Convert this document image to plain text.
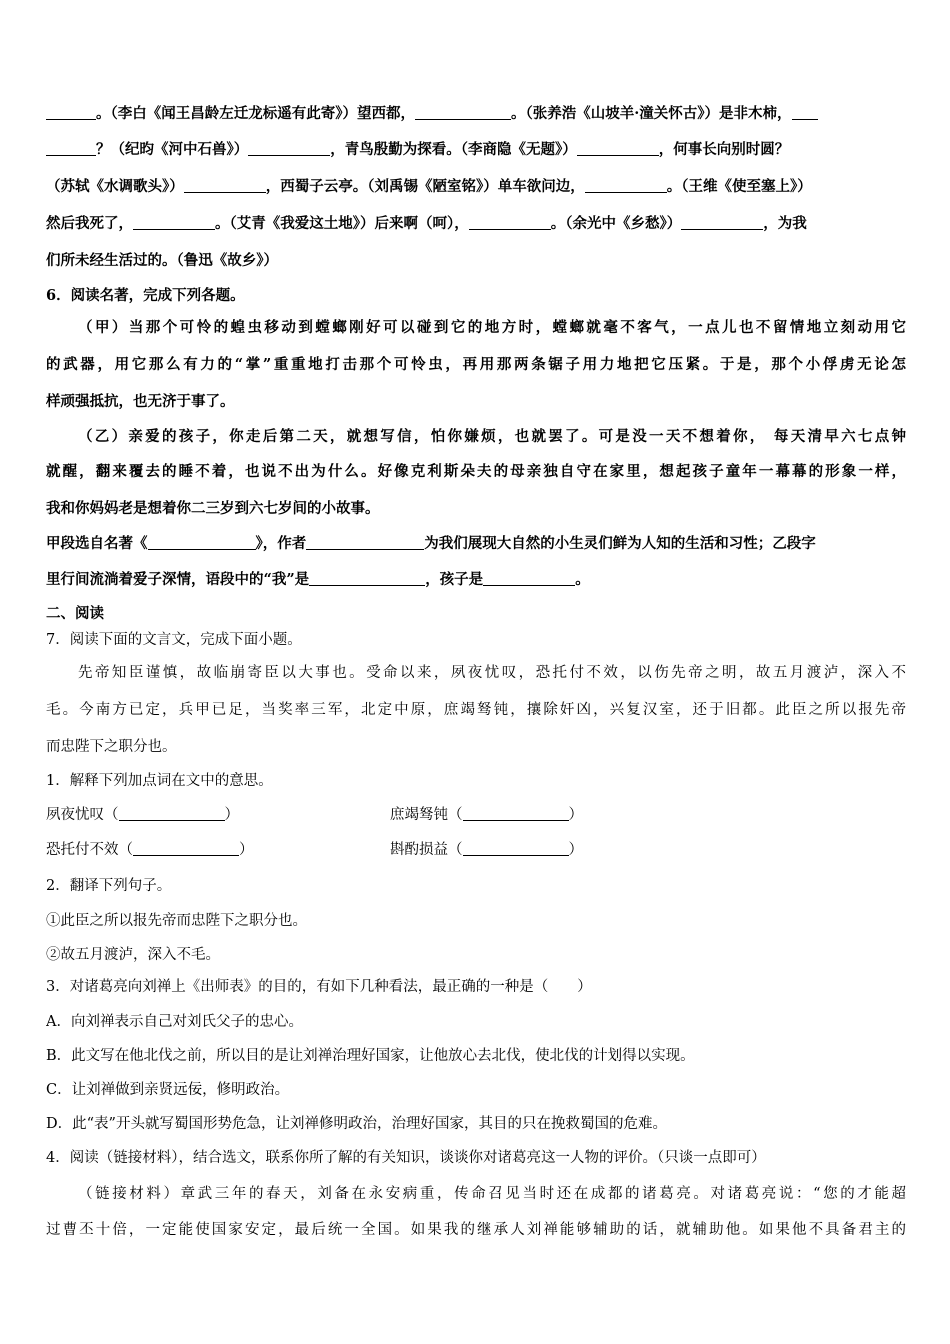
。（李白《闻王昌龄左迁龙标遥有此寄》）望西都，	。（张养浩《山坡羊·潼关怀古》）是非木柿，
？（纪昀《河中石兽》）	，青鸟殷勤为探看。（李商隐《无题》）	，何事长向别时圆？
（苏轼《水调歌头》）	，西蜀子云亭。（刘禹锡《陋室铭》）单车欲问边，	。（王维《使至塞上》）
然后我死了，	。（艾青《我爱这土地》）后来啊（呵），	。（余光中《乡愁》）	，为我
们所未经生活过的。（鲁迅《故乡》）
6．阅读名著，完成下列各题。
（甲）当那个可怜的蝗虫移动到螳螂刚好可以碰到它的地方时，螳螂就毫不客气，一点儿也不留情地立刻动用它
的武器，用它那么有力的“掌”重重地打击那个可怜虫，再用那两条锯子用力地把它压紧。于是，那个小俘虏无论怎
样顽强抵抗，也无济于事了。
（乙）亲爱的孩子，你走后第二天，就想写信，怕你嫌烦，也就罢了。可是没一天不想着你， 每天清早六七点钟
就醒，翻来覆去的睡不着，也说不出为什么。好像克利斯朵夫的母亲独自守在家里，想起孩子童年一幕幕的形象一样，
我和你妈妈老是想着你二三岁到六七岁间的小故事。
甲段选自名著《	》，作者	为我们展现大自然的小生灵们鲜为人知的生活和习性；乙段字
里行间流淌着爱子深情，语段中的“我”是	，孩子是	。
二、阅读
7．阅读下面的文言文，完成下面小题。
先帝知臣谨慎，故临崩寄臣以大事也。受命以来，夙夜忧叹，恐托付不效，以伤先帝之明，故五月渡泸，深入不
毛。今南方已定，兵甲已足，当奖率三军，北定中原，庶竭驽钝，攘除奸凶，兴复汉室，还于旧都。此臣之所以报先帝
而忠陛下之职分也。
1．解释下列加点词在文中的意思。
夙夜忧叹（	）	庶竭驽钝（	）
恐托付不效（	）	斟酌损益（	）
2．翻译下列句子。
①此臣之所以报先帝而忠陛下之职分也。
②故五月渡泸，深入不毛。
3．对诸葛亮向刘禅上《出师表》的目的，有如下几种看法，最正确的一种是（　　）
A．向刘禅表示自己对刘氏父子的忠心。
B．此文写在他北伐之前，所以目的是让刘禅治理好国家，让他放心去北伐，使北伐的计划得以实现。
C．让刘禅做到亲贤远佞，修明政治。
D．此“表”开头就写蜀国形势危急，让刘禅修明政治，治理好国家，其目的只在挽救蜀国的危难。
4．阅读（链接材料），结合选文，联系你所了解的有关知识，谈谈你对诸葛亮这一人物的评价。（只谈一点即可）
（链接材料）章武三年的春天，刘备在永安病重，传命召见当时还在成都的诸葛亮。对诸葛亮说：“您的才能超
过曹丕十倍，一定能使国家安定，最后统一全国。如果我的继承人刘禅能够辅助的话，就辅助他。如果他不具备君主的
